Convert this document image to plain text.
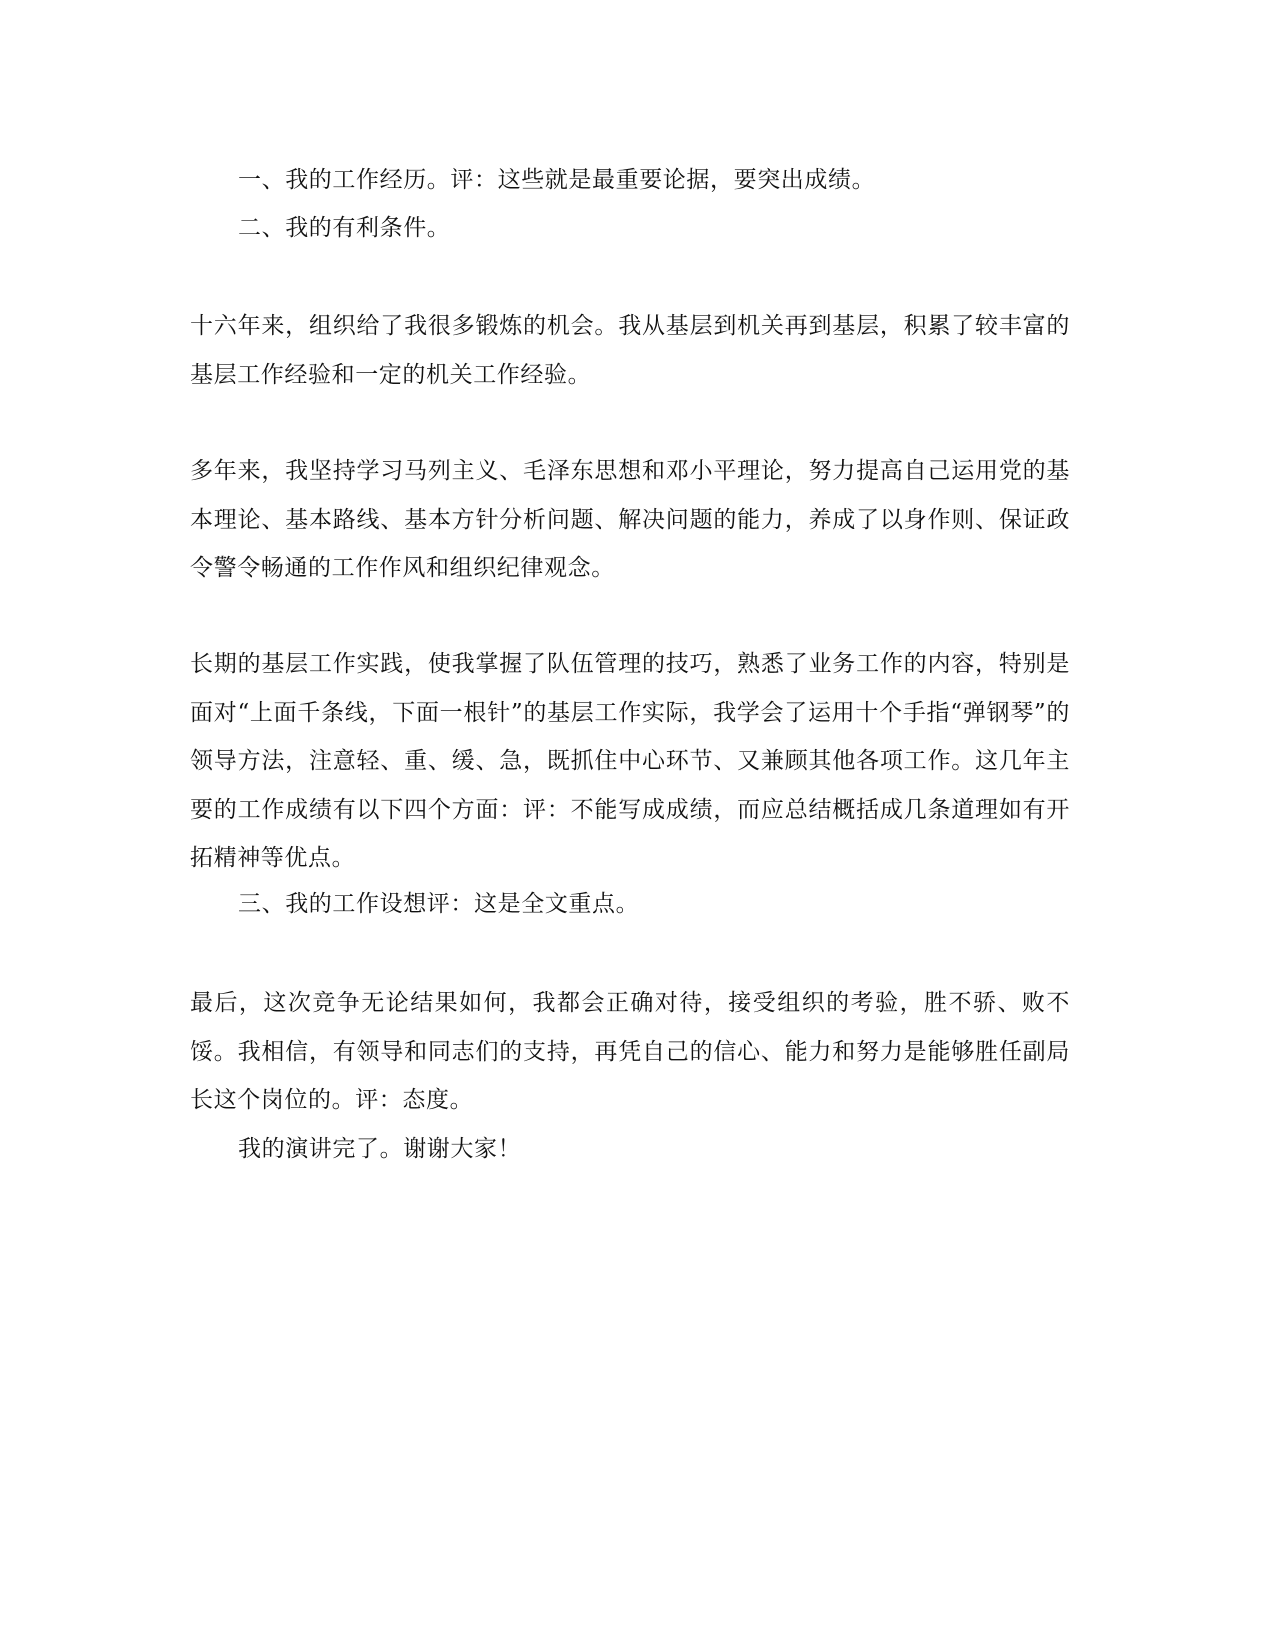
一、我的工作经历。评：这些就是最重要论据，要突出成绩。

二、我的有利条件。

十六年来，组织给了我很多锻炼的机会。我从基层到机关再到基层，积累了较丰富的基层工作经验和一定的机关工作经验。

多年来，我坚持学习马列主义、毛泽东思想和邓小平理论，努力提高自己运用党的基本理论、基本路线、基本方针分析问题、解决问题的能力，养成了以身作则、保证政令警令畅通的工作作风和组织纪律观念。

长期的基层工作实践，使我掌握了队伍管理的技巧，熟悉了业务工作的内容，特别是面对“上面千条线，下面一根针”的基层工作实际，我学会了运用十个手指“弹钢琴”的领导方法，注意轻、重、缓、急，既抓住中心环节、又兼顾其他各项工作。这几年主要的工作成绩有以下四个方面：评：不能写成成绩，而应总结概括成几条道理如有开拓精神等优点。

三、我的工作设想评：这是全文重点。

最后，这次竞争无论结果如何，我都会正确对待，接受组织的考验，胜不骄、败不馁。我相信，有领导和同志们的支持，再凭自己的信心、能力和努力是能够胜任副局长这个岗位的。评：态度。

我的演讲完了。谢谢大家！
